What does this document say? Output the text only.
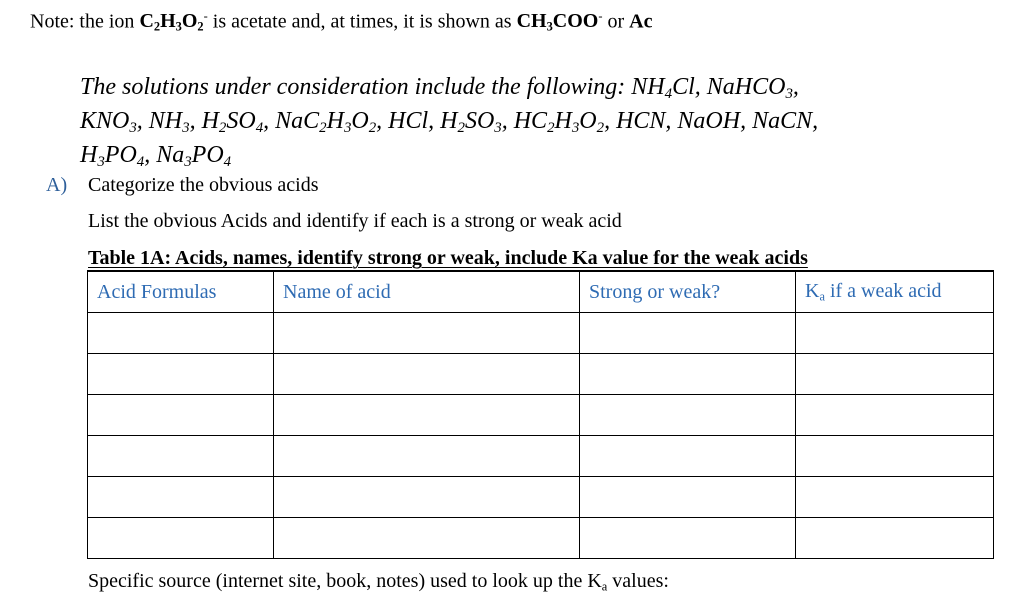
Note: the ion $C_2H_3O_2^-$ is acetate and, at times, it is shown as $CH_3COO^-$ or Ac

The solutions under consideration include the following: $NH_4Cl$, NaHCO$_3$,

$KNO_3$, $NH_3$, $H_2SO_4$, $NaC_2H_3O_2$, HCl, $H_2SO_3$, $HC_2H_3O_2$, HCN, NaOH, NaCN,

$H_3PO_4$, $Na_3PO_4$

A) Categorize the obvious acids
List the obvious Acids and identify if each is a strong or weak acid
Table 1A: Acids, names, identify strong or weak, include Ka value for the weak acids
Acid Formulas	Name of acid	Strong or weak?	$K_a$ if a weak acid

Specific source (internet site, book, notes) used to look up the $K_a$ values:
